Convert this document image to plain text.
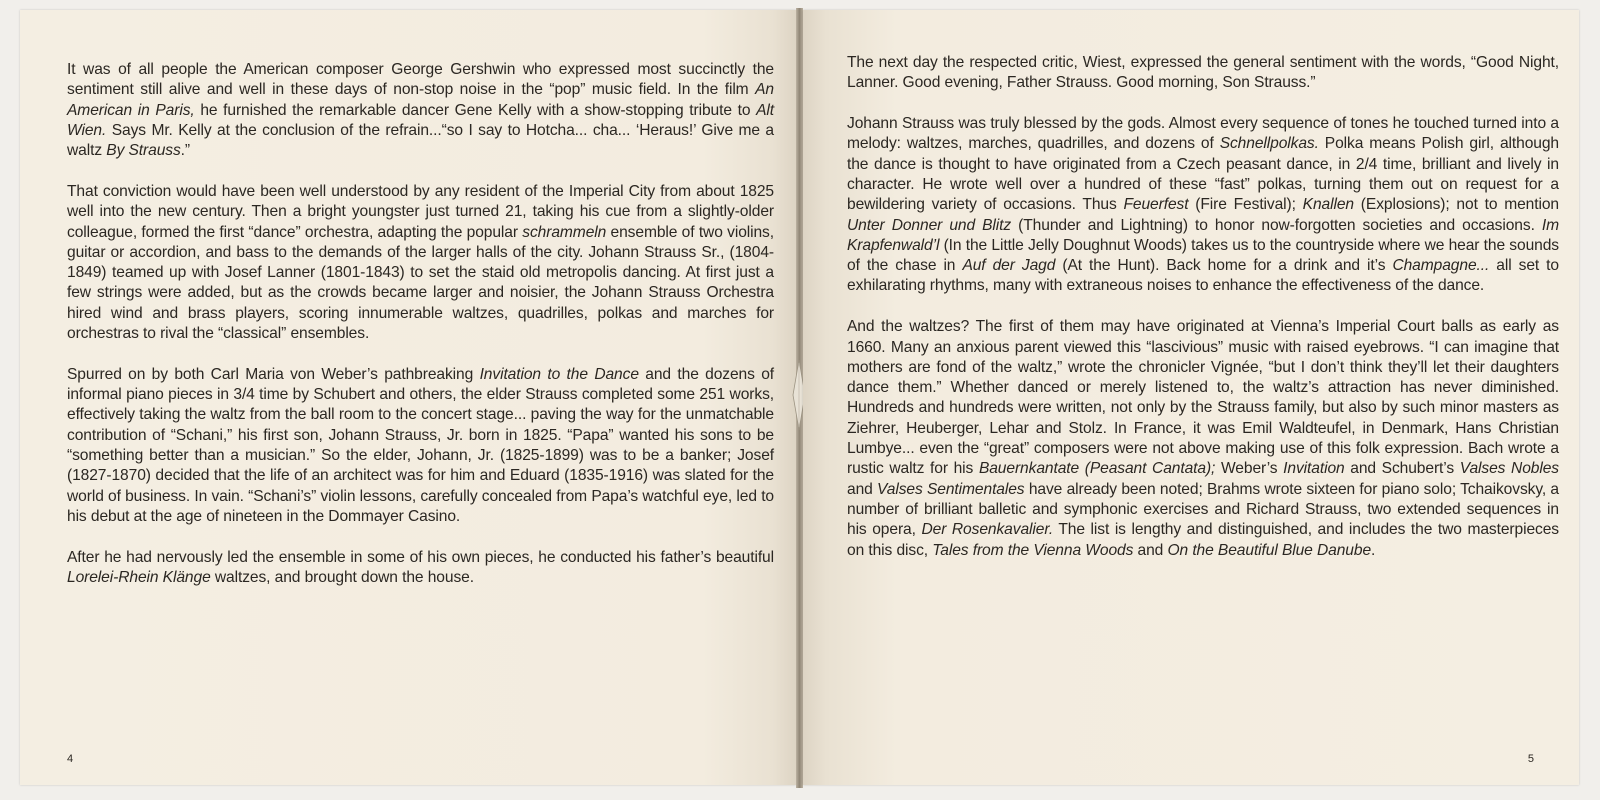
It was of all people the American composer George Gershwin who expressed most succinctly the sentiment still alive and well in these days of non-stop noise in the “pop” music field. In the film An American in Paris, he furnished the remarkable dancer Gene Kelly with a show-stopping tribute to Alt Wien. Says Mr. Kelly at the conclusion of the refrain...“so I say to Hotcha... cha... ‘Heraus!’ Give me a waltz By Strauss.”

That conviction would have been well understood by any resident of the Imperial City from about 1825 well into the new century. Then a bright youngster just turned 21, taking his cue from a slightly-older colleague, formed the first “dance” orchestra, adapting the popular schrammeln ensemble of two violins, guitar or accordion, and bass to the demands of the larger halls of the city. Johann Strauss Sr., (1804-1849) teamed up with Josef Lanner (1801-1843) to set the staid old metropolis dancing. At first just a few strings were added, but as the crowds became larger and noisier, the Johann Strauss Orchestra hired wind and brass players, scoring innumerable waltzes, quadrilles, polkas and marches for orchestras to rival the “classical” ensembles.

Spurred on by both Carl Maria von Weber’s pathbreaking Invitation to the Dance and the dozens of informal piano pieces in 3/4 time by Schubert and others, the elder Strauss completed some 251 works, effectively taking the waltz from the ball room to the concert stage... paving the way for the unmatchable contribution of “Schani,” his first son, Johann Strauss, Jr. born in 1825. “Papa” wanted his sons to be “something better than a musician.” So the elder, Johann, Jr. (1825-1899) was to be a banker; Josef (1827-1870) decided that the life of an architect was for him and Eduard (1835-1916) was slated for the world of business. In vain. “Schani’s” violin lessons, carefully concealed from Papa’s watchful eye, led to his debut at the age of nineteen in the Dommayer Casino.

After he had nervously led the ensemble in some of his own pieces, he conducted his father’s beautiful Lorelei-Rhein Klänge waltzes, and brought down the house.

4

The next day the respected critic, Wiest, expressed the general sentiment with the words, “Good Night, Lanner. Good evening, Father Strauss. Good morning, Son Strauss.”

Johann Strauss was truly blessed by the gods. Almost every sequence of tones he touched turned into a melody: waltzes, marches, quadrilles, and dozens of Schnellpolkas. Polka means Polish girl, although the dance is thought to have originated from a Czech peasant dance, in 2/4 time, brilliant and lively in character. He wrote well over a hundred of these “fast” polkas, turning them out on request for a bewildering variety of occasions. Thus Feuerfest (Fire Festival); Knallen (Explosions); not to mention Unter Donner und Blitz (Thunder and Lightning) to honor now-forgotten societies and occasions. Im Krapfenwald’l (In the Little Jelly Doughnut Woods) takes us to the countryside where we hear the sounds of the chase in Auf der Jagd (At the Hunt). Back home for a drink and it’s Champagne... all set to exhilarating rhythms, many with extraneous noises to enhance the effectiveness of the dance.

And the waltzes? The first of them may have originated at Vienna’s Imperial Court balls as early as 1660. Many an anxious parent viewed this “lascivious” music with raised eyebrows. “I can imagine that mothers are fond of the waltz,” wrote the chronicler Vignée, “but I don’t think they’ll let their daughters dance them.” Whether danced or merely listened to, the waltz’s attraction has never diminished. Hundreds and hundreds were written, not only by the Strauss family, but also by such minor masters as Ziehrer, Heuberger, Lehar and Stolz. In France, it was Emil Waldteufel, in Denmark, Hans Christian Lumbye... even the “great” composers were not above making use of this folk expression. Bach wrote a rustic waltz for his Bauernkantate (Peasant Cantata); Weber’s Invitation and Schubert’s Valses Nobles and Valses Sentimentales have already been noted; Brahms wrote sixteen for piano solo; Tchaikovsky, a number of brilliant balletic and symphonic exercises and Richard Strauss, two extended sequences in his opera, Der Rosenkavalier. The list is lengthy and distinguished, and includes the two masterpieces on this disc, Tales from the Vienna Woods and On the Beautiful Blue Danube.

5
